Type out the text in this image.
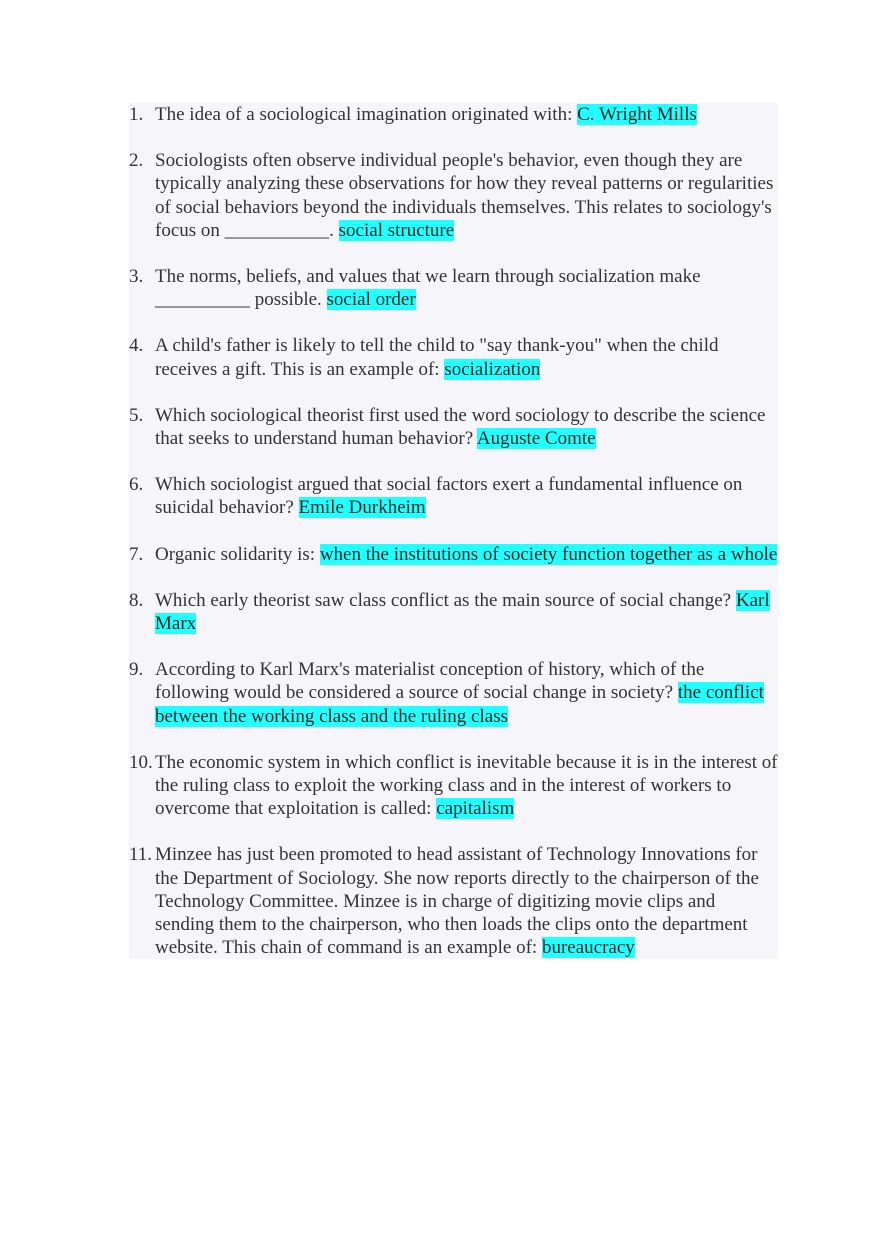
1. The idea of a sociological imagination originated with: C. Wright Mills
2. Sociologists often observe individual people's behavior, even though they are typically analyzing these observations for how they reveal patterns or regularities of social behaviors beyond the individuals themselves. This relates to sociology's focus on ___________. social structure
3. The norms, beliefs, and values that we learn through socialization make __________ possible. social order
4. A child's father is likely to tell the child to "say thank-you" when the child receives a gift. This is an example of: socialization
5. Which sociological theorist first used the word sociology to describe the science that seeks to understand human behavior? Auguste Comte
6. Which sociologist argued that social factors exert a fundamental influence on suicidal behavior? Emile Durkheim
7. Organic solidarity is: when the institutions of society function together as a whole
8. Which early theorist saw class conflict as the main source of social change? Karl Marx
9. According to Karl Marx's materialist conception of history, which of the following would be considered a source of social change in society? the conflict between the working class and the ruling class
10. The economic system in which conflict is inevitable because it is in the interest of the ruling class to exploit the working class and in the interest of workers to overcome that exploitation is called: capitalism
11. Minzee has just been promoted to head assistant of Technology Innovations for the Department of Sociology. She now reports directly to the chairperson of the Technology Committee. Minzee is in charge of digitizing movie clips and sending them to the chairperson, who then loads the clips onto the department website. This chain of command is an example of: bureaucracy
